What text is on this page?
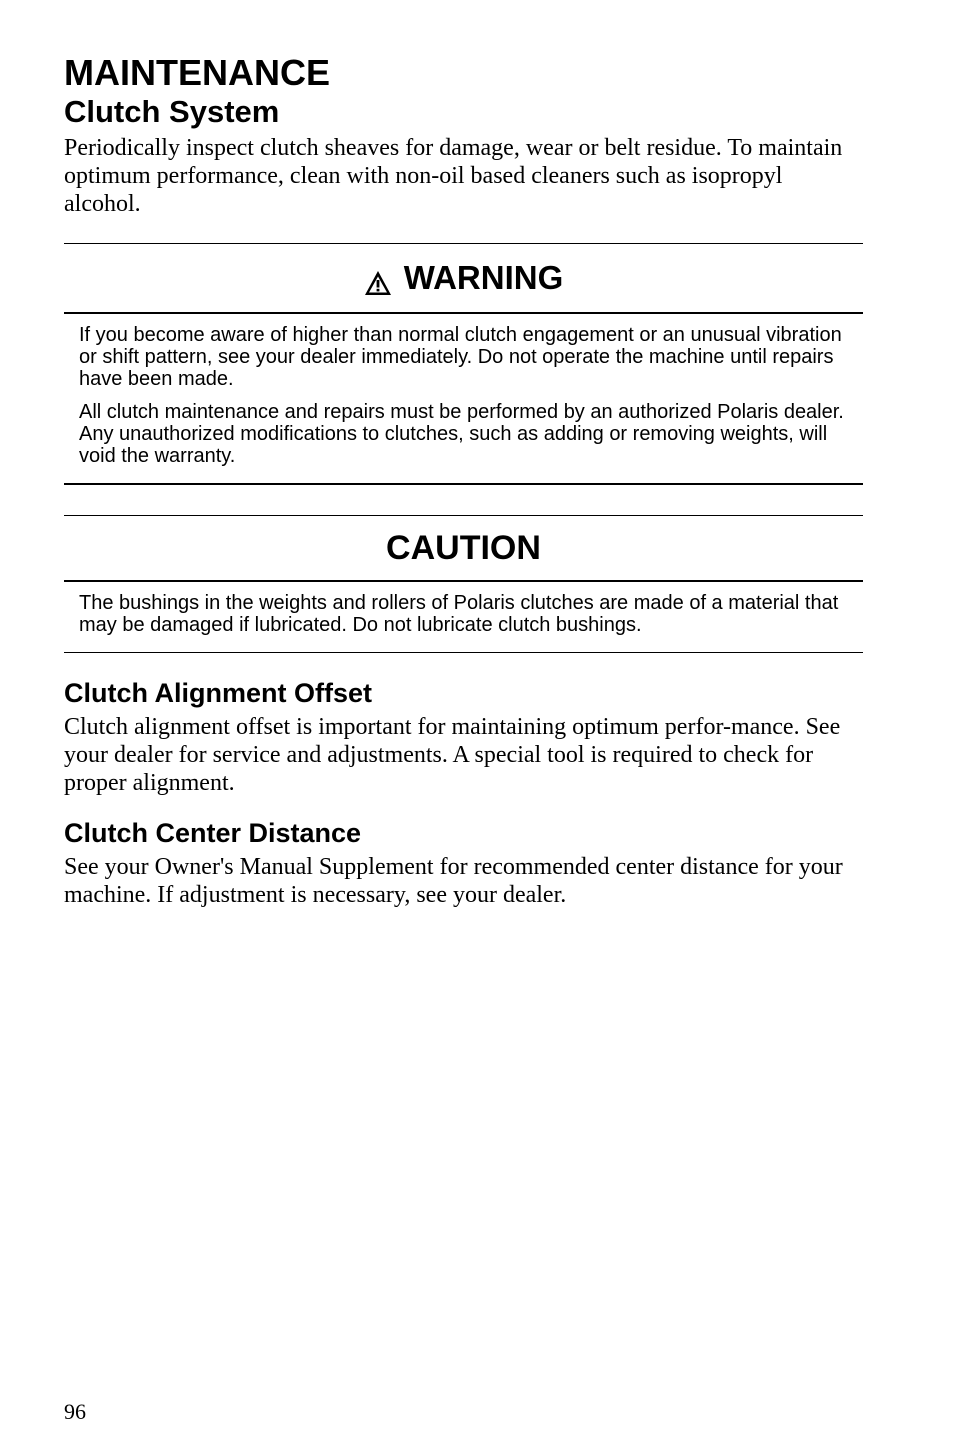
MAINTENANCE
Clutch System

Periodically inspect clutch sheaves for damage, wear or belt residue. To maintain optimum performance, clean with non-oil based cleaners such as isopropyl alcohol.

WARNING

If you become aware of higher than normal clutch engagement or an unusual vibration or shift pattern, see your dealer immediately. Do not operate the machine until repairs have been made.

All clutch maintenance and repairs must be performed by an authorized Polaris dealer. Any unauthorized modifications to clutches, such as adding or removing weights, will void the warranty.

CAUTION

The bushings in the weights and rollers of Polaris clutches are made of a material that may be damaged if lubricated. Do not lubricate clutch bushings.

Clutch Alignment Offset

Clutch alignment offset is important for maintaining optimum perfor-mance. See your dealer for service and adjustments. A special tool is required to check for proper alignment.

Clutch Center Distance

See your Owner's Manual Supplement for recommended center distance for your machine. If adjustment is necessary, see your dealer.

96
